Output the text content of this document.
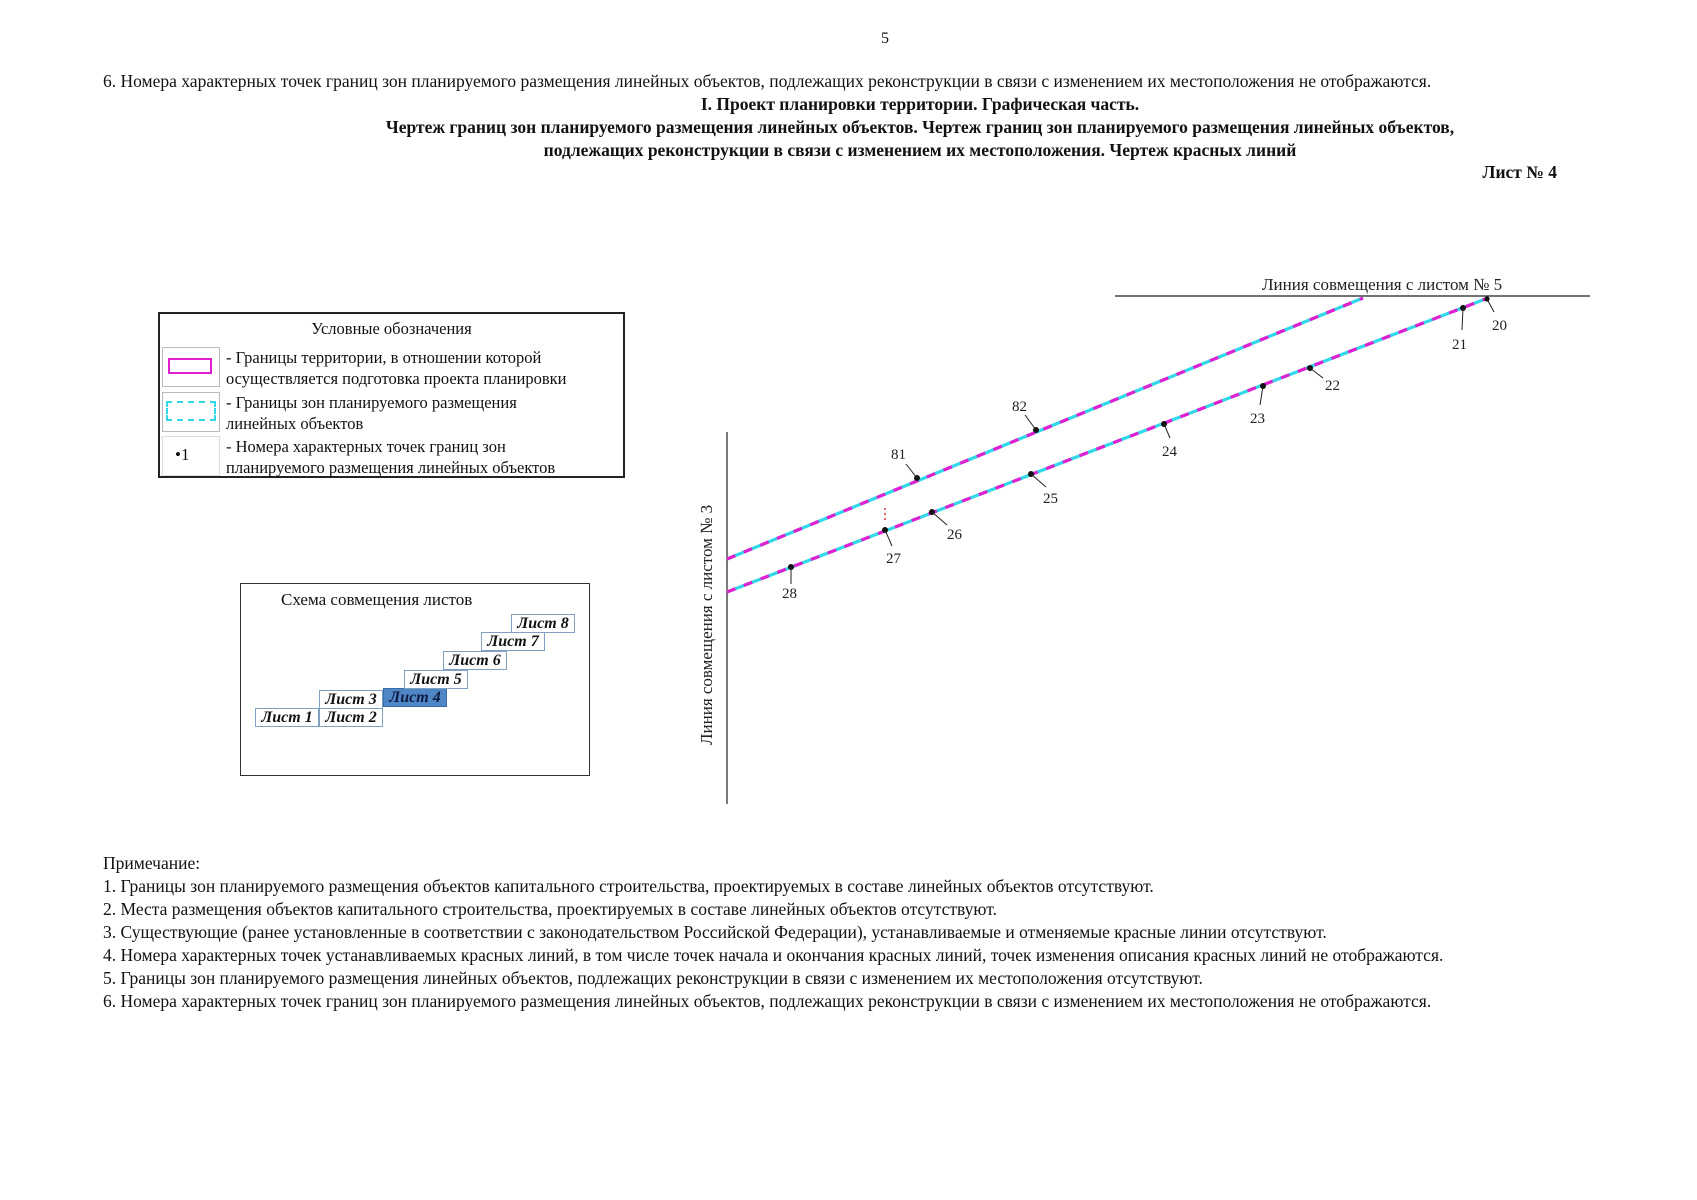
5
6. Номера характерных точек границ зон планируемого размещения линейных объектов, подлежащих реконструкции в связи с изменением их местоположения не отображаются.
I. Проект планировки территории. Графическая часть.
Чертеж границ зон планируемого размещения линейных объектов. Чертеж границ зон планируемого размещения линейных объектов,
подлежащих реконструкции в связи с изменением их местоположения. Чертеж красных линий
Лист № 4
Условные обозначения
- Границы территории, в отношении которой
осуществляется подготовка проекта планировки
- Границы зон планируемого размещения
линейных объектов
•1 - Номера характерных точек границ зон
планируемого размещения линейных объектов
Схема совмещения листов
Лист 1 Лист 2
Лист 3 Лист 4
Лист 5
Лист 6
Лист 7
Лист 8
Линия совмещения с листом № 5
Линия совмещения с листом № 3
20
21
22
23
24
25
26
27
28
81
82
Примечание:
1. Границы зон планируемого размещения объектов капитального строительства, проектируемых в составе линейных объектов отсутствуют.
2. Места размещения объектов капитального строительства, проектируемых в составе линейных объектов отсутствуют.
3. Существующие (ранее установленные в соответствии с законодательством Российской Федерации), устанавливаемые и отменяемые красные линии отсутствуют.
4. Номера характерных точек устанавливаемых красных линий, в том числе точек начала и окончания красных линий, точек изменения описания красных линий не отображаются.
5. Границы зон планируемого размещения линейных объектов, подлежащих реконструкции в связи с изменением их местоположения отсутствуют.
6. Номера характерных точек границ зон планируемого размещения линейных объектов, подлежащих реконструкции в связи с изменением их местоположения не отображаются.
